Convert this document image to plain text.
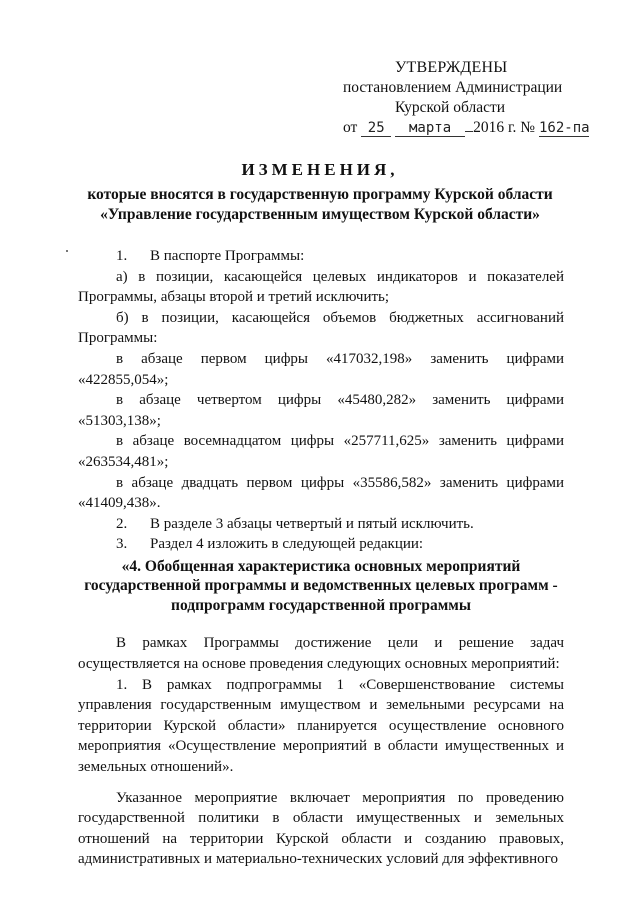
УТВЕРЖДЕНЫ
постановлением Администрации
Курской области
от 25 марта 2016 г. № 162-па
ИЗМЕНЕНИЯ,
которые вносятся в государственную программу Курской области
«Управление государственным имуществом Курской области»

1. В паспорте Программы:

а) в позиции, касающейся целевых индикаторов и показателей Программы, абзацы второй и третий исключить;

б) в позиции, касающейся объемов бюджетных ассигнований Программы:

в абзаце первом цифры «417032,198» заменить цифрами «422855,054»;

в абзаце четвертом цифры «45480,282» заменить цифрами «51303,138»;

в абзаце восемнадцатом цифры «257711,625» заменить цифрами «263534,481»;

в абзаце двадцать первом цифры «35586,582» заменить цифрами «41409,438».

2. В разделе 3 абзацы четвертый и пятый исключить.

3. Раздел 4 изложить в следующей редакции:

«4. Обобщенная характеристика основных мероприятий
государственной программы и ведомственных целевых программ -
подпрограмм государственной программы

В рамках Программы достижение цели и решение задач осуществляется на основе проведения следующих основных мероприятий:

1. В рамках подпрограммы 1 «Совершенствование системы управления государственным имуществом и земельными ресурсами на территории Курской области» планируется осуществление основного мероприятия «Осуществление мероприятий в области имущественных и земельных отношений».

Указанное мероприятие включает мероприятия по проведению государственной политики в области имущественных и земельных отношений на территории Курской области и созданию правовых, административных и материально-технических условий для эффективного
